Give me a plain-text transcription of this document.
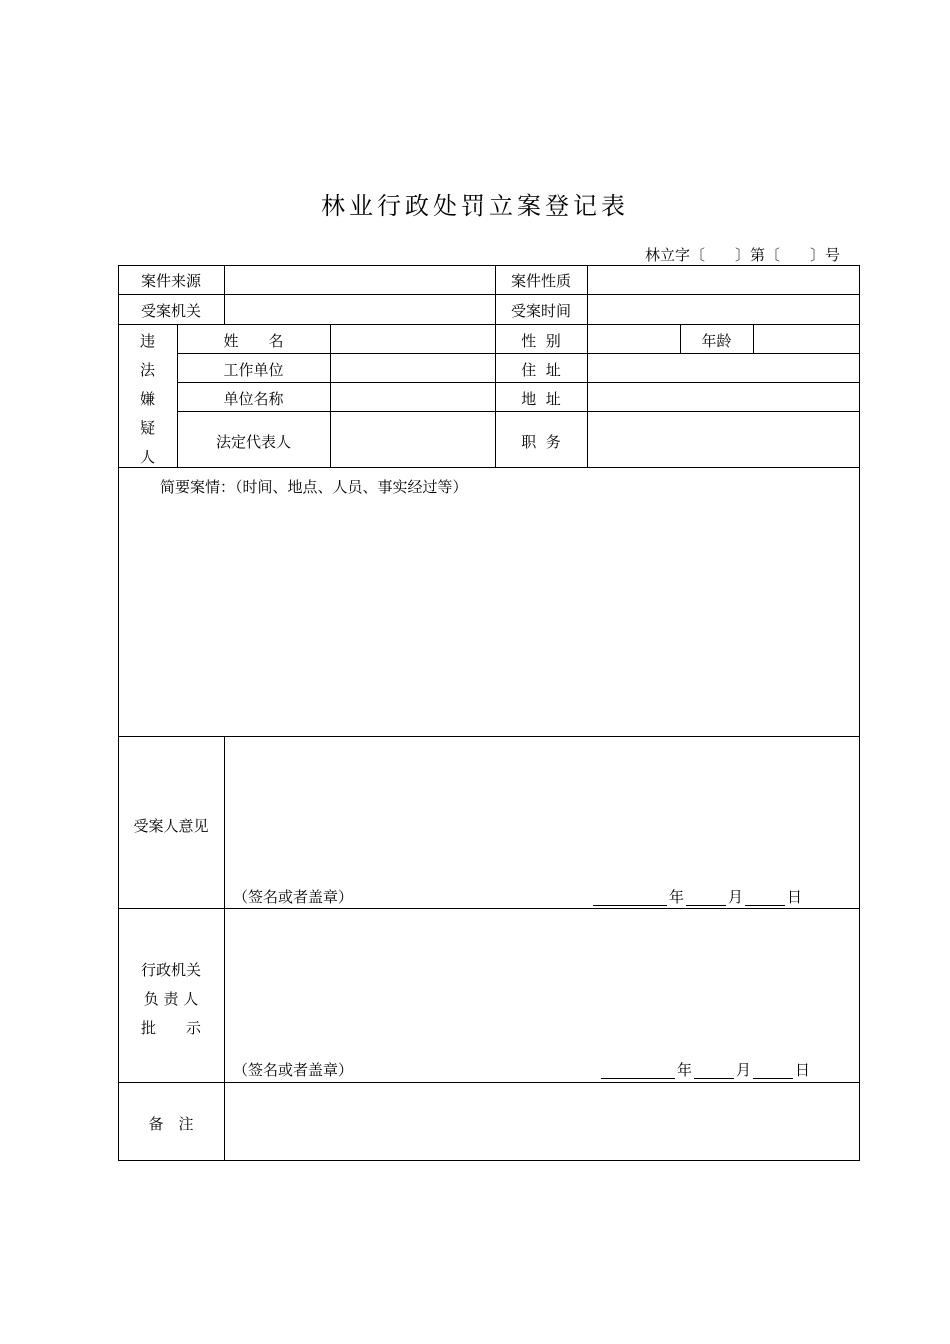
林业行政处罚立案登记表
林立字〔　　〕第〔　　〕号
案件来源	案件性质
受案机关	受案时间
违
法
嫌
疑
人
姓　　名	性  别	年龄
工作单位	住  址
单位名称	地  址
法定代表人	职  务
简要案情：（时间、地点、人员、事实经过等）
受案人意见
（签名或者盖章）	年	月	日
行政机关
负 责 人
批　　示
（签名或者盖章）	年	月	日
备　注
